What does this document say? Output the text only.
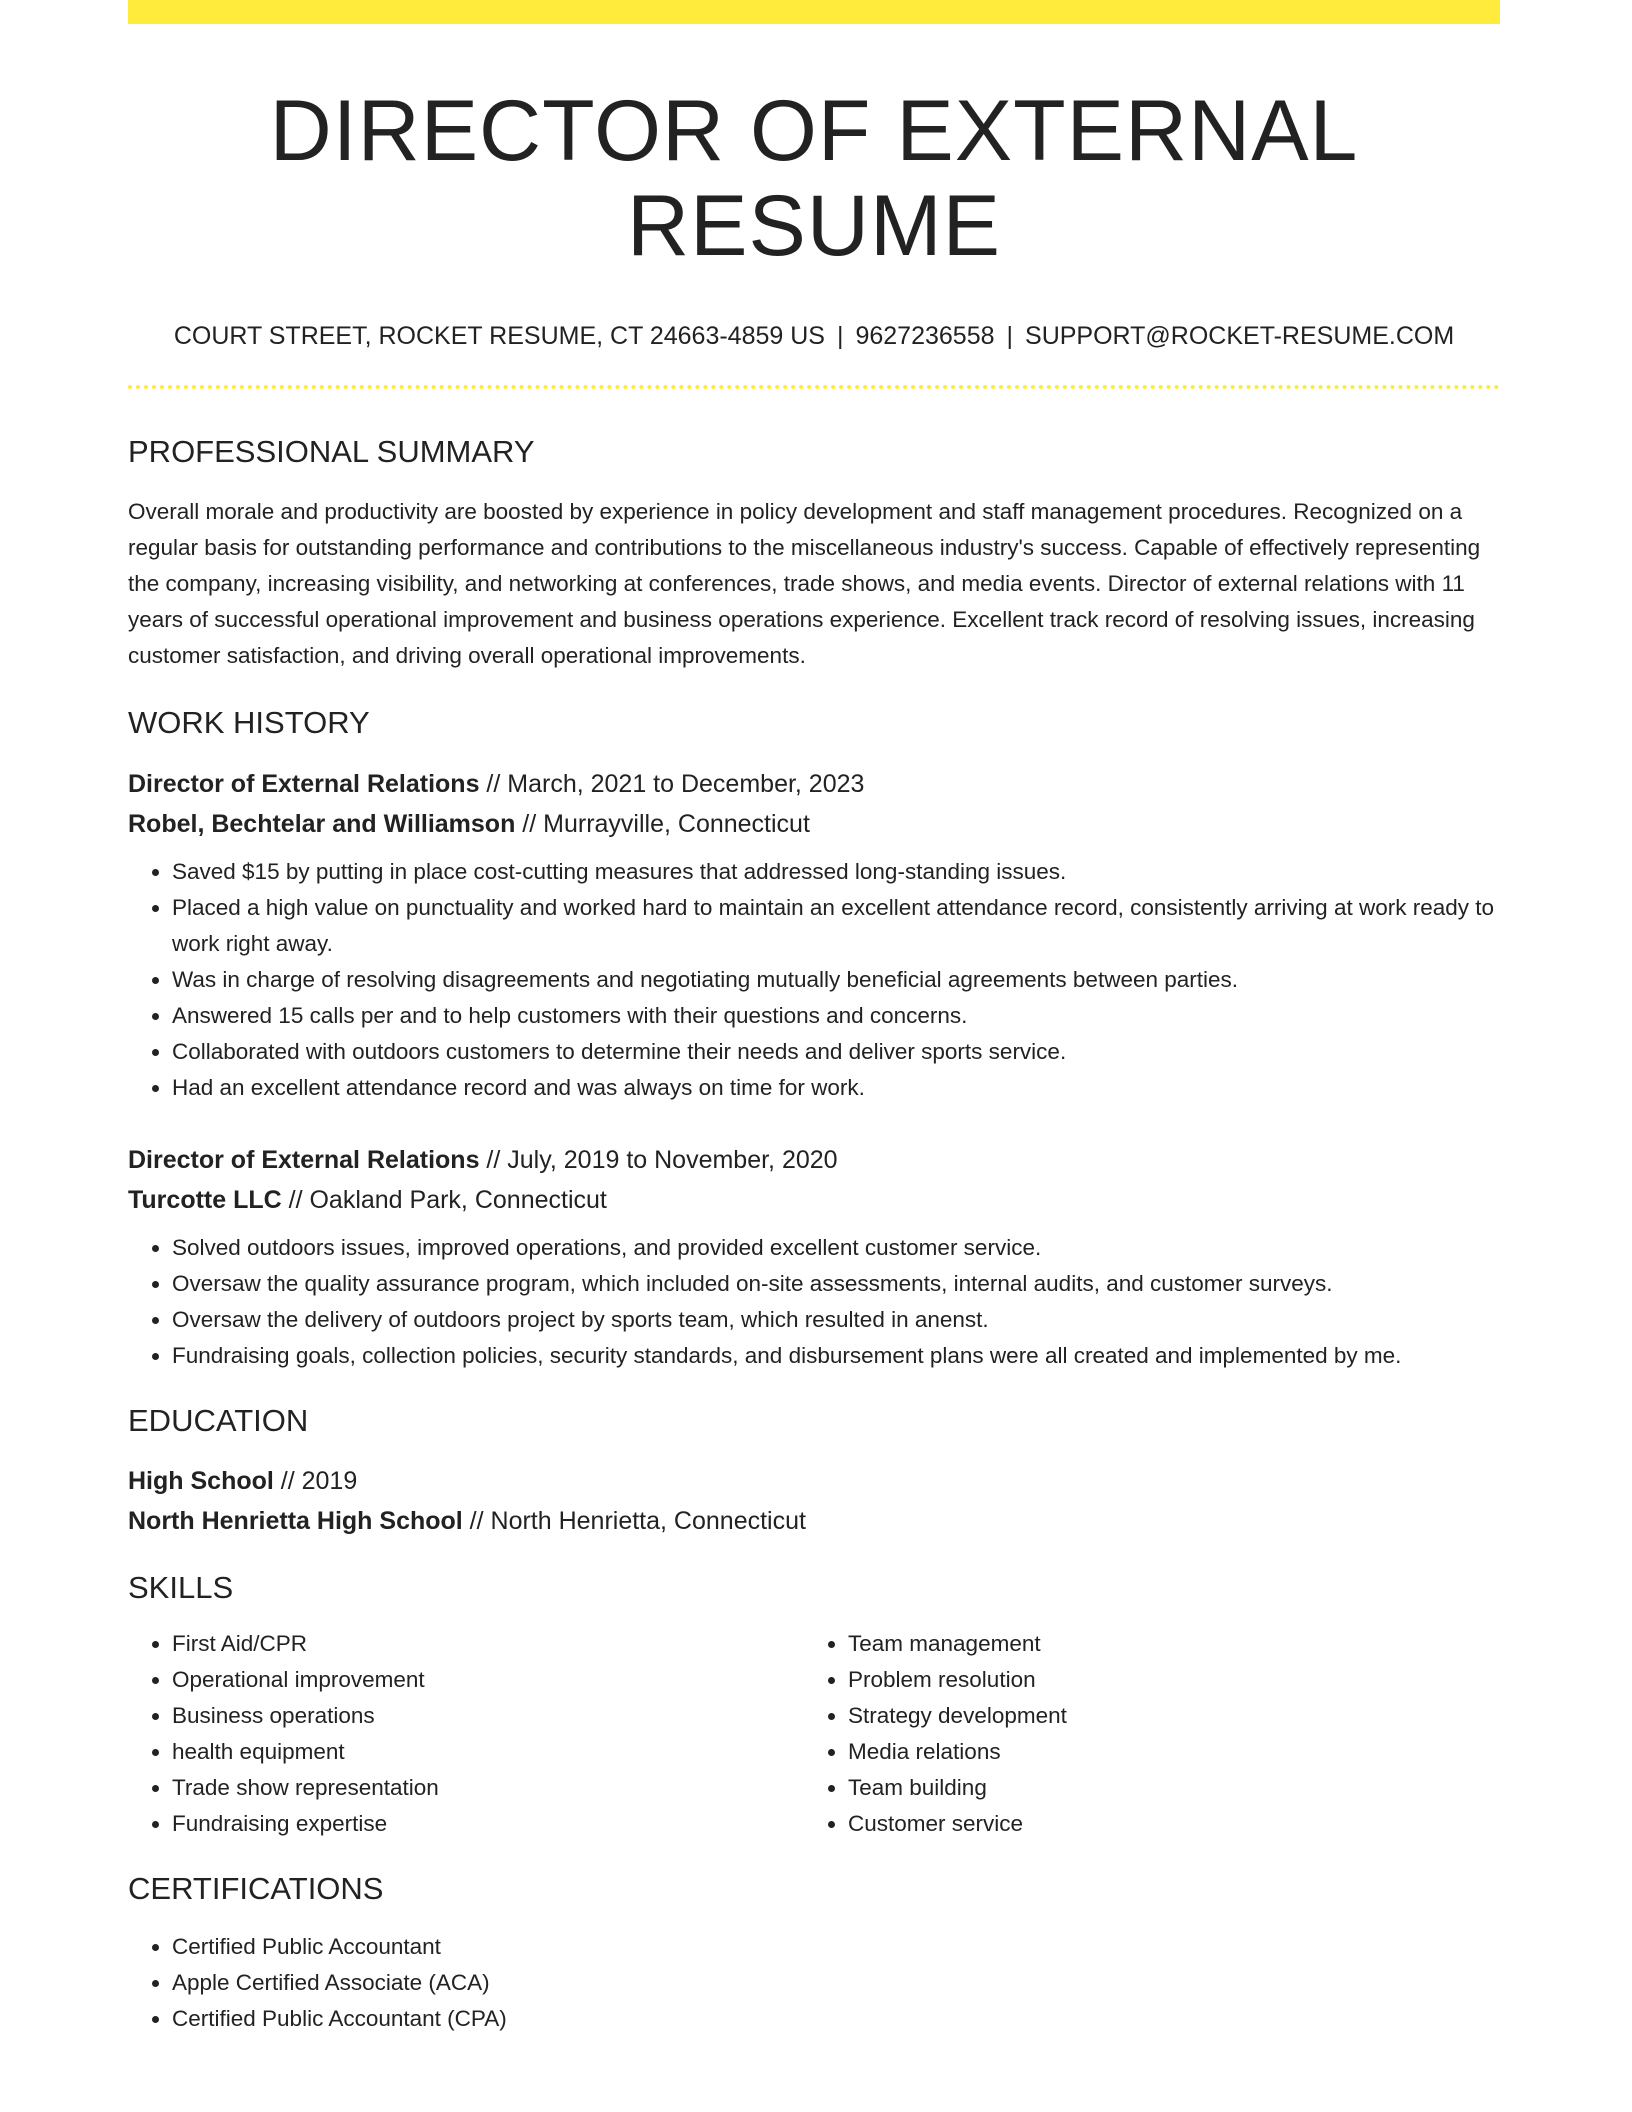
DIRECTOR OF EXTERNAL RESUME
COURT STREET, ROCKET RESUME, CT 24663-4859 US | 9627236558 | SUPPORT@ROCKET-RESUME.COM
PROFESSIONAL SUMMARY
Overall morale and productivity are boosted by experience in policy development and staff management procedures. Recognized on a regular basis for outstanding performance and contributions to the miscellaneous industry's success. Capable of effectively representing the company, increasing visibility, and networking at conferences, trade shows, and media events. Director of external relations with 11 years of successful operational improvement and business operations experience. Excellent track record of resolving issues, increasing customer satisfaction, and driving overall operational improvements.
WORK HISTORY
Director of External Relations // March, 2021 to December, 2023
Robel, Bechtelar and Williamson // Murrayville, Connecticut
• Saved $15 by putting in place cost-cutting measures that addressed long-standing issues.
• Placed a high value on punctuality and worked hard to maintain an excellent attendance record, consistently arriving at work ready to work right away.
• Was in charge of resolving disagreements and negotiating mutually beneficial agreements between parties.
• Answered 15 calls per and to help customers with their questions and concerns.
• Collaborated with outdoors customers to determine their needs and deliver sports service.
• Had an excellent attendance record and was always on time for work.
Director of External Relations // July, 2019 to November, 2020
Turcotte LLC // Oakland Park, Connecticut
• Solved outdoors issues, improved operations, and provided excellent customer service.
• Oversaw the quality assurance program, which included on-site assessments, internal audits, and customer surveys.
• Oversaw the delivery of outdoors project by sports team, which resulted in anenst.
• Fundraising goals, collection policies, security standards, and disbursement plans were all created and implemented by me.
EDUCATION
High School // 2019
North Henrietta High School // North Henrietta, Connecticut
SKILLS
• First Aid/CPR
• Operational improvement
• Business operations
• health equipment
• Trade show representation
• Fundraising expertise
• Team management
• Problem resolution
• Strategy development
• Media relations
• Team building
• Customer service
CERTIFICATIONS
• Certified Public Accountant
• Apple Certified Associate (ACA)
• Certified Public Accountant (CPA)
